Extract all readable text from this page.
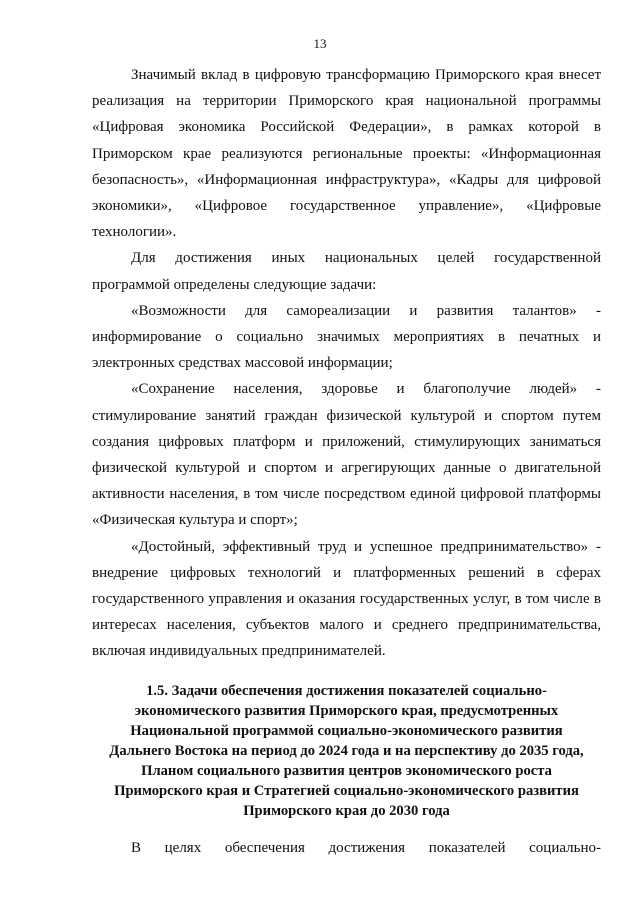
13

Значимый вклад в цифровую трансформацию Приморского края внесет реализация на территории Приморского края национальной программы «Цифровая экономика Российской Федерации», в рамках которой в Приморском крае реализуются региональные проекты: «Информационная безопасность», «Информационная инфраструктура», «Кадры для цифровой экономики», «Цифровое государственное управление», «Цифровые технологии».

Для достижения иных национальных целей государственной программой определены следующие задачи:

«Возможности для самореализации и развития талантов» - информирование о социально значимых мероприятиях в печатных и электронных средствах массовой информации;

«Сохранение населения, здоровье и благополучие людей» - стимулирование занятий граждан физической культурой и спортом путем создания цифровых платформ и приложений, стимулирующих заниматься физической культурой и спортом и агрегирующих данные о двигательной активности населения, в том числе посредством единой цифровой платформы «Физическая культура и спорт»;

«Достойный, эффективный труд и успешное предпринимательство» - внедрение цифровых технологий и платформенных решений в сферах государственного управления и оказания государственных услуг, в том числе в интересах населения, субъектов малого и среднего предпринимательства, включая индивидуальных предпринимателей.

1.5. Задачи обеспечения достижения показателей социально-экономического развития Приморского края, предусмотренных Национальной программой социально-экономического развития Дальнего Востока на период до 2024 года и на перспективу до 2035 года, Планом социального развития центров экономического роста Приморского края и Стратегией социально-экономического развития Приморского края до 2030 года

В целях обеспечения достижения показателей социально-
